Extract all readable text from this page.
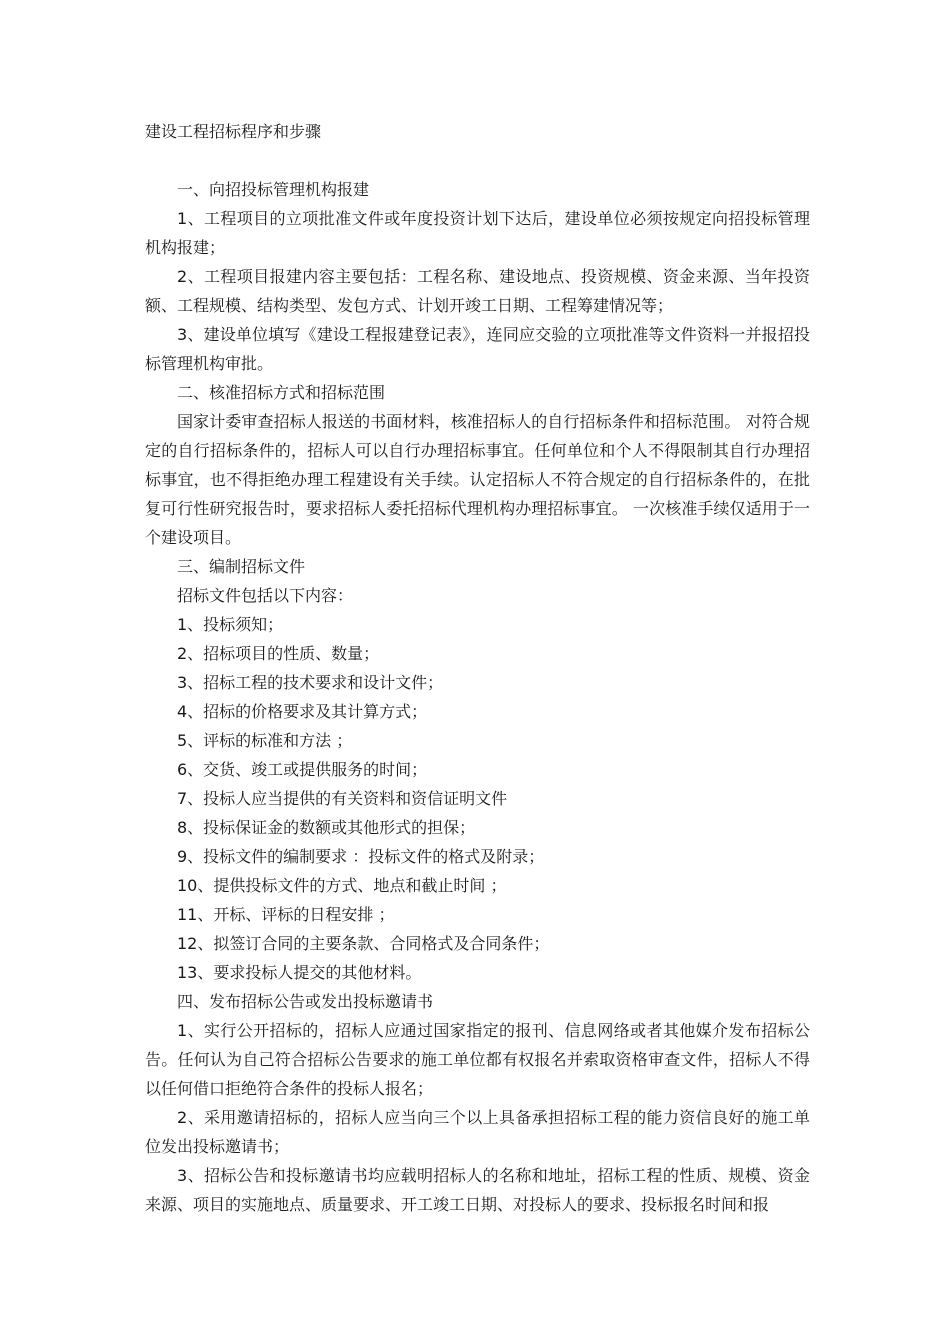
建设工程招标程序和步骤

一、向招投标管理机构报建

1、工程项目的立项批准文件或年度投资计划下达后，建设单位必须按规定向招投标管理机构报建；

2、工程项目报建内容主要包括：工程名称、建设地点、投资规模、资金来源、当年投资额、工程规模、结构类型、发包方式、计划开竣工日期、工程筹建情况等；

3、建设单位填写《建设工程报建登记表》，连同应交验的立项批准等文件资料一并报招投标管理机构审批。

二、核准招标方式和招标范围

国家计委审查招标人报送的书面材料，核准招标人的自行招标条件和招标范围。 对符合规定的自行招标条件的，招标人可以自行办理招标事宜。任何单位和个人不得限制其自行办理招标事宜，也不得拒绝办理工程建设有关手续。认定招标人不符合规定的自行招标条件的，在批复可行性研究报告时，要求招标人委托招标代理机构办理招标事宜。 一次核准手续仅适用于一个建设项目。

三、编制招标文件

招标文件包括以下内容：

1、投标须知；

2、招标项目的性质、数量；

3、招标工程的技术要求和设计文件；

4、招标的价格要求及其计算方式；

5、评标的标准和方法 ；

6、交货、竣工或提供服务的时间；

7、投标人应当提供的有关资料和资信证明文件

8、投标保证金的数额或其他形式的担保；

9、投标文件的编制要求 ：投标文件的格式及附录；

10、提供投标文件的方式、地点和截止时间 ；

11、开标、评标的日程安排 ；

12、拟签订合同的主要条款、合同格式及合同条件；

13、要求投标人提交的其他材料。

四、发布招标公告或发出投标邀请书

1、实行公开招标的，招标人应通过国家指定的报刊、信息网络或者其他媒介发布招标公告。任何认为自己符合招标公告要求的施工单位都有权报名并索取资格审查文件，招标人不得以任何借口拒绝符合条件的投标人报名；

2、采用邀请招标的，招标人应当向三个以上具备承担招标工程的能力资信良好的施工单位发出投标邀请书；

3、招标公告和投标邀请书均应载明招标人的名称和地址，招标工程的性质、规模、资金来源、项目的实施地点、质量要求、开工竣工日期、对投标人的要求、投标报名时间和报
